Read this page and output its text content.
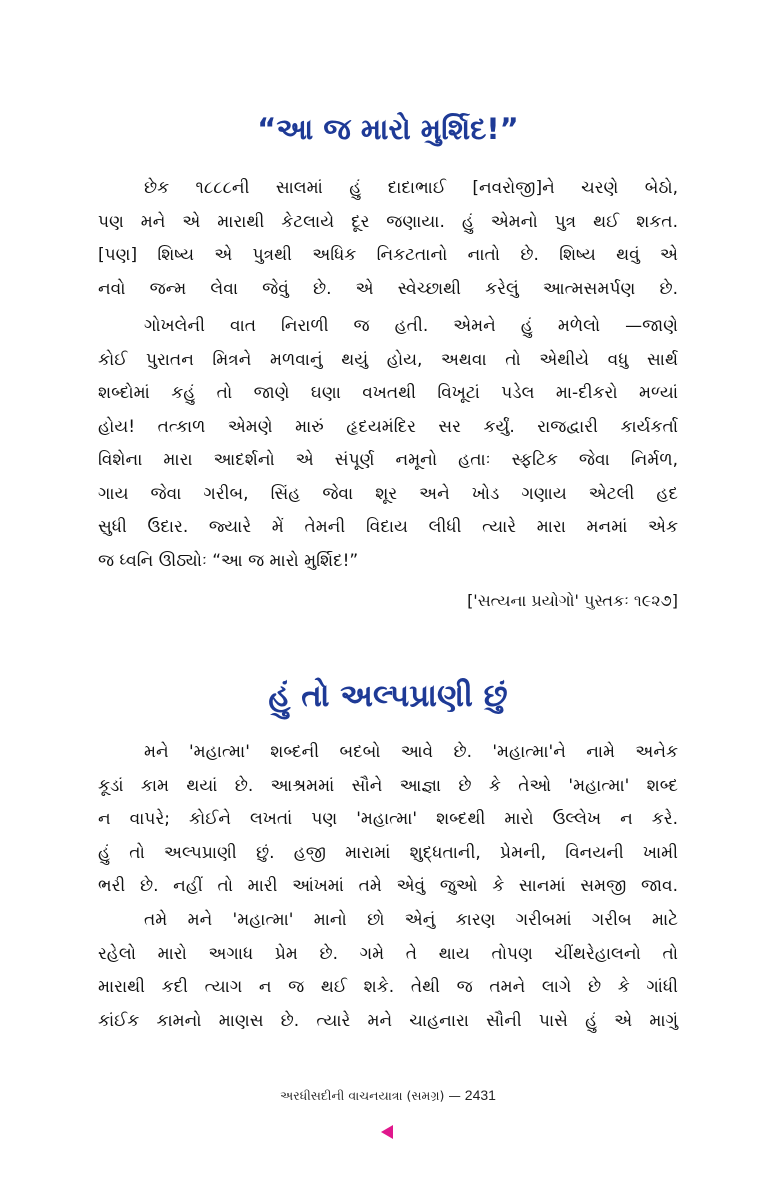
“આ જ મારો મુર્શિદ!”
છેક ૧૮૮૮ની સાલમાં હું દાદાભાઈ [નવરોજી]ને ચરણે બેઠો,
પણ મને એ મારાથી કેટલાયે દૂર જણાયા. હું એમનો પુત્ર થઈ શકત.
[પણ] શિષ્ય એ પુત્રથી અધિક નિકટતાનો નાતો છે. શિષ્ય થવું એ
નવો જન્મ લેવા જેવું છે. એ સ્વેચ્છાથી કરેલું આત્મસમર્પણ છે.
ગોખલેની વાત નિરાળી જ હતી. એમને હું મળેલો —જાણે
કોઈ પુરાતન મિત્રને મળવાનું થયું હોય, અથવા તો એથીયે વધુ સાર્થ
શબ્દોમાં કહું તો જાણે ઘણા વખતથી વિખૂટાં પડેલ મા-દીકરો મળ્યાં
હોય! તત્કાળ એમણે મારું હૃદયમંદિર સર કર્યું. રાજદ્વારી કાર્યકર્તા
વિશેના મારા આદર્શનો એ સંપૂર્ણ નમૂનો હતાઃ સ્ફટિક જેવા નિર્મળ,
ગાય જેવા ગરીબ, સિંહ જેવા શૂર અને ખોડ ગણાય એટલી હદ
સુધી ઉદાર. જ્યારે મેં તેમની વિદાય લીધી ત્યારે મારા મનમાં એક
જ ધ્વનિ ઊઠ્યોઃ “આ જ મારો મુર્શિદ!”
['સત્યના પ્રયોગો' પુસ્તકઃ ૧૯૨૭]
હું તો અલ્પપ્રાણી છું
મને 'મહાત્મા' શબ્દની બદબો આવે છે. 'મહાત્મા'ને નામે અનેક
કૂડાં કામ થયાં છે. આશ્રમમાં સૌને આજ્ઞા છે કે તેઓ 'મહાત્મા' શબ્દ
ન વાપરે; કોઈને લખતાં પણ 'મહાત્મા' શબ્દથી મારો ઉલ્લેખ ન કરે.
હું તો અલ્પપ્રાણી છું. હજી મારામાં શુદ્ધતાની, પ્રેમની, વિનયની ખામી
ભરી છે. નહીં તો મારી આંખમાં તમે એવું જુઓ કે સાનમાં સમજી જાવ.
તમે મને 'મહાત્મા' માનો છો એનું કારણ ગરીબમાં ગરીબ માટે
રહેલો મારો અગાધ પ્રેમ છે. ગમે તે થાય તોપણ ચીંથરેહાલનો તો
મારાથી કદી ત્યાગ ન જ થઈ શકે. તેથી જ તમને લાગે છે કે ગાંધી
કાંઈક કામનો માણસ છે. ત્યારે મને ચાહનારા સૌની પાસે હું એ માગું
અરધીસદીની વાચનયાત્રા (સમગ્ર) — 2431
